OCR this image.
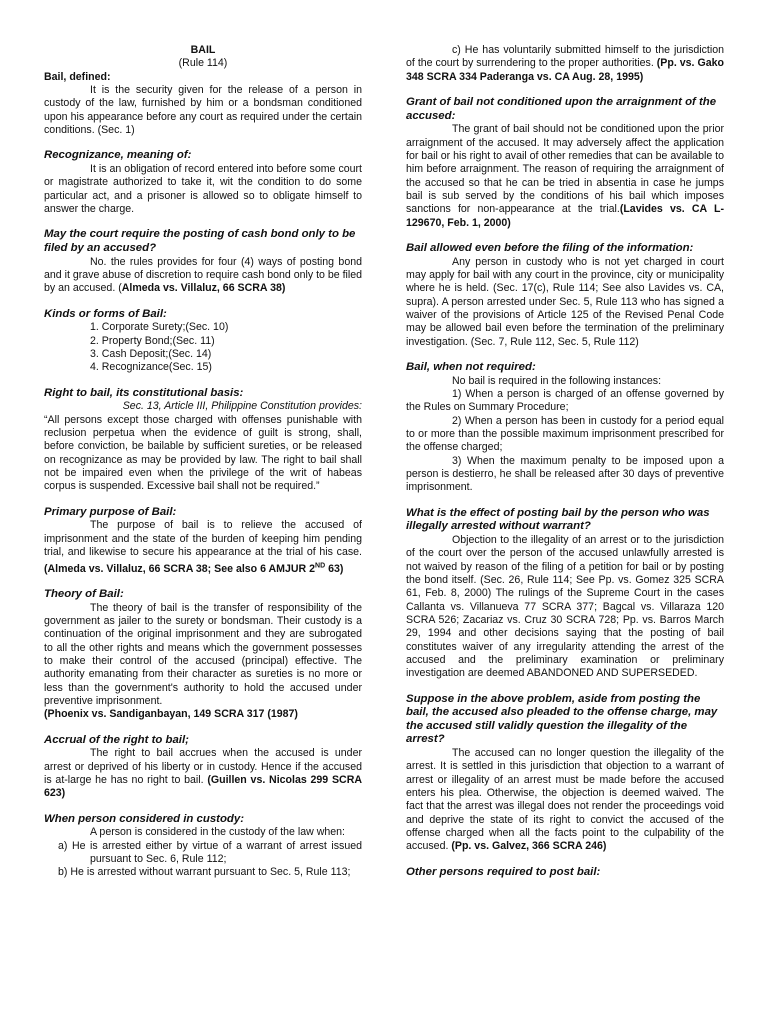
BAIL
(Rule 114)

Bail, defined:

It is the security given for the release of a person in custody of the law, furnished by him or a bondsman conditioned upon his appearance before any court as required under the certain conditions. (Sec. 1)

Recognizance, meaning of:

It is an obligation of record entered into before some court or magistrate authorized to take it, wit the condition to do some particular act, and a prisoner is allowed so to obligate himself to answer the charge.

May the court require the posting of cash bond only to be filed by an accused?

No. the rules provides for four (4) ways of posting bond and it grave abuse of discretion to require cash bond only to be filed by an accused. (Almeda vs. Villaluz, 66 SCRA 38)

Kinds or forms of Bail:

1. Corporate Surety;(Sec. 10)

2. Property Bond;(Sec. 11)

3. Cash Deposit;(Sec. 14)

4. Recognizance(Sec. 15)

Right to bail, its constitutional basis:

Sec. 13, Article III, Philippine Constitution provides:

“All persons except those charged with offenses punishable with reclusion perpetua when the evidence of guilt is strong, shall, before conviction, be bailable by sufficient sureties, or be released on recognizance as may be provided by law. The right to bail shall not be impaired even when the privilege of the writ of habeas corpus is suspended. Excessive bail shall not be required.”

Primary purpose of Bail:

The purpose of bail is to relieve the accused of imprisonment and the state of the burden of keeping him pending trial, and likewise to secure his appearance at the trial of his case. (Almeda vs. Villaluz, 66 SCRA 38; See also 6 AMJUR 2ND 63)

Theory of Bail:

The theory of bail is the transfer of responsibility of the government as jailer to the surety or bondsman. Their custody is a continuation of the original imprisonment and they are subrogated to all the other rights and means which the government possesses to make their control of the accused (principal) effective. The authority emanating from their character as sureties is no more or less than the government's authority to hold the accused under preventive imprisonment.

(Phoenix vs. Sandiganbayan, 149 SCRA 317 (1987)

Accrual of the right to bail;

The right to bail accrues when the accused is under arrest or deprived of his liberty or in custody. Hence if the accused is at-large he has no right to bail. (Guillen vs. Nicolas 299 SCRA 623)

When person considered in custody:

A person is considered in the custody of the law when:

a) He is arrested either by virtue of a warrant of arrest issued pursuant to Sec. 6, Rule 112;

b) He is arrested without warrant pursuant to Sec. 5, Rule 113;

c) He has voluntarily submitted himself to the jurisdiction of the court by surrendering to the proper authorities. (Pp. vs. Gako 348 SCRA 334 Paderanga vs. CA Aug. 28, 1995)

Grant of bail not conditioned upon the arraignment of the accused:

The grant of bail should not be conditioned upon the prior arraignment of the accused. It may adversely affect the application for bail or his right to avail of other remedies that can be available to him before arraignment. The reason of requiring the arraignment of the accused so that he can be tried in absentia in case he jumps bail is sub served by the conditions of his bail which imposes sanctions for non-appearance at the trial.(Lavides vs. CA L-129670, Feb. 1, 2000)

Bail allowed even before the filing of the information:

Any person in custody who is not yet charged in court may apply for bail with any court in the province, city or municipality where he is held. (Sec. 17(c), Rule 114; See also Lavides vs. CA, supra). A person arrested under Sec. 5, Rule 113 who has signed a waiver of the provisions of Article 125 of the Revised Penal Code may be allowed bail even before the termination of the preliminary investigation. (Sec. 7, Rule 112, Sec. 5, Rule 112)

Bail, when not required:

No bail is required in the following instances:

1) When a person is charged of an offense governed by the Rules on Summary Procedure;

2) When a person has been in custody for a period equal to or more than the possible maximum imprisonment prescribed for the offense charged;

3) When the maximum penalty to be imposed upon a person is destierro, he shall be released after 30 days of preventive imprisonment.

What is the effect of posting bail by the person who was illegally arrested without warrant?

Objection to the illegality of an arrest or to the jurisdiction of the court over the person of the accused unlawfully arrested is not waived by reason of the filing of a petition for bail or by posting the bond itself. (Sec. 26, Rule 114; See Pp. vs. Gomez 325 SCRA 61, Feb. 8, 2000) The rulings of the Supreme Court in the cases Callanta vs. Villanueva 77 SCRA 377; Bagcal vs. Villaraza 120 SCRA 526; Zacariaz vs. Cruz 30 SCRA 728; Pp. vs. Barros March 29, 1994 and other decisions saying that the posting of bail constitutes waiver of any irregularity attending the arrest of the accused and the preliminary examination or preliminary investigation are deemed ABANDONED AND SUPERSEDED.

Suppose in the above problem, aside from posting the bail, the accused also pleaded to the offense charge, may the accused still validly question the illegality of the arrest?

The accused can no longer question the illegality of the arrest. It is settled in this jurisdiction that objection to a warrant of arrest or illegality of an arrest must be made before the accused enters his plea. Otherwise, the objection is deemed waived. The fact that the arrest was illegal does not render the proceedings void and deprive the state of its right to convict the accused of the offense charged when all the facts point to the culpability of the accused. (Pp. vs. Galvez, 366 SCRA 246)

Other persons required to post bail:
